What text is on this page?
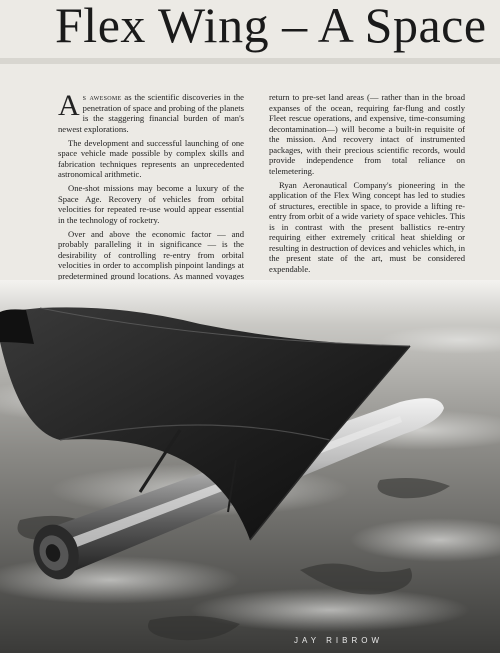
Flex Wing – A Space

As awesome as the scientific discoveries in the penetration of space and probing of the planets is the staggering financial burden of man's newest explorations.

The development and successful launching of one space vehicle made possible by complex skills and fabrication techniques represents an unprecedented astronomical arithmetic.

One-shot missions may become a luxury of the Space Age. Recovery of vehicles from orbital velocities for repeated re-use would appear essential in the technology of rocketry.

Over and above the economic factor — and probably paralleling it in significance — is the desirability of controlling re-entry from orbital velocities in order to accomplish pinpoint landings at predetermined ground locations. As manned voyages

return to pre-set land areas (— rather than in the broad expanses of the ocean, requiring far-flung and costly Fleet rescue operations, and expensive, time-consuming decontamination—) will become a built-in requisite of the mission. And recovery intact of instrumented packages, with their precious scientific records, would provide independence from total reliance on telemetering.

Ryan Aeronautical Company's pioneering in the application of the Flex Wing concept has led to studies of structures, erectible in space, to provide a lifting re-entry from orbit of a wide variety of space vehicles. This is in contrast with the present ballistics re-entry requiring either extremely critical heat shielding or resulting in destruction of devices and vehicles which, in the present state of the art, must be considered expendable.

JAY RIBROW
